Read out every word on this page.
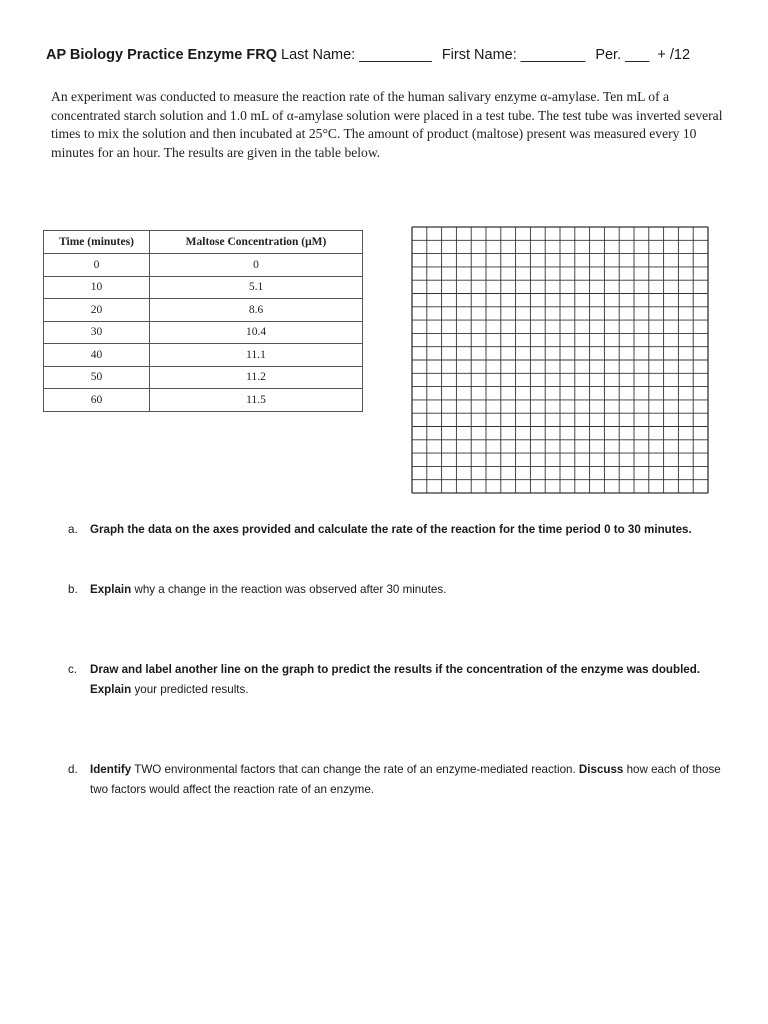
AP Biology Practice Enzyme FRQ Last Name: _________ First Name: ________ Per. ___ + /12
An experiment was conducted to measure the reaction rate of the human salivary enzyme α-amylase. Ten mL of a concentrated starch solution and 1.0 mL of α-amylase solution were placed in a test tube. The test tube was inverted several times to mix the solution and then incubated at 25°C. The amount of product (maltose) present was measured every 10 minutes for an hour. The results are given in the table below.
Time (minutes)	Maltose Concentration (μM)
0	0
10	5.1
20	8.6
30	10.4
40	11.1
50	11.2
60	11.5
a. Graph the data on the axes provided and calculate the rate of the reaction for the time period 0 to 30 minutes.
b. Explain why a change in the reaction was observed after 30 minutes.
c. Draw and label another line on the graph to predict the results if the concentration of the enzyme was doubled.
Explain your predicted results.
d. Identify TWO environmental factors that can change the rate of an enzyme-mediated reaction. Discuss how each of those two factors would affect the reaction rate of an enzyme.
